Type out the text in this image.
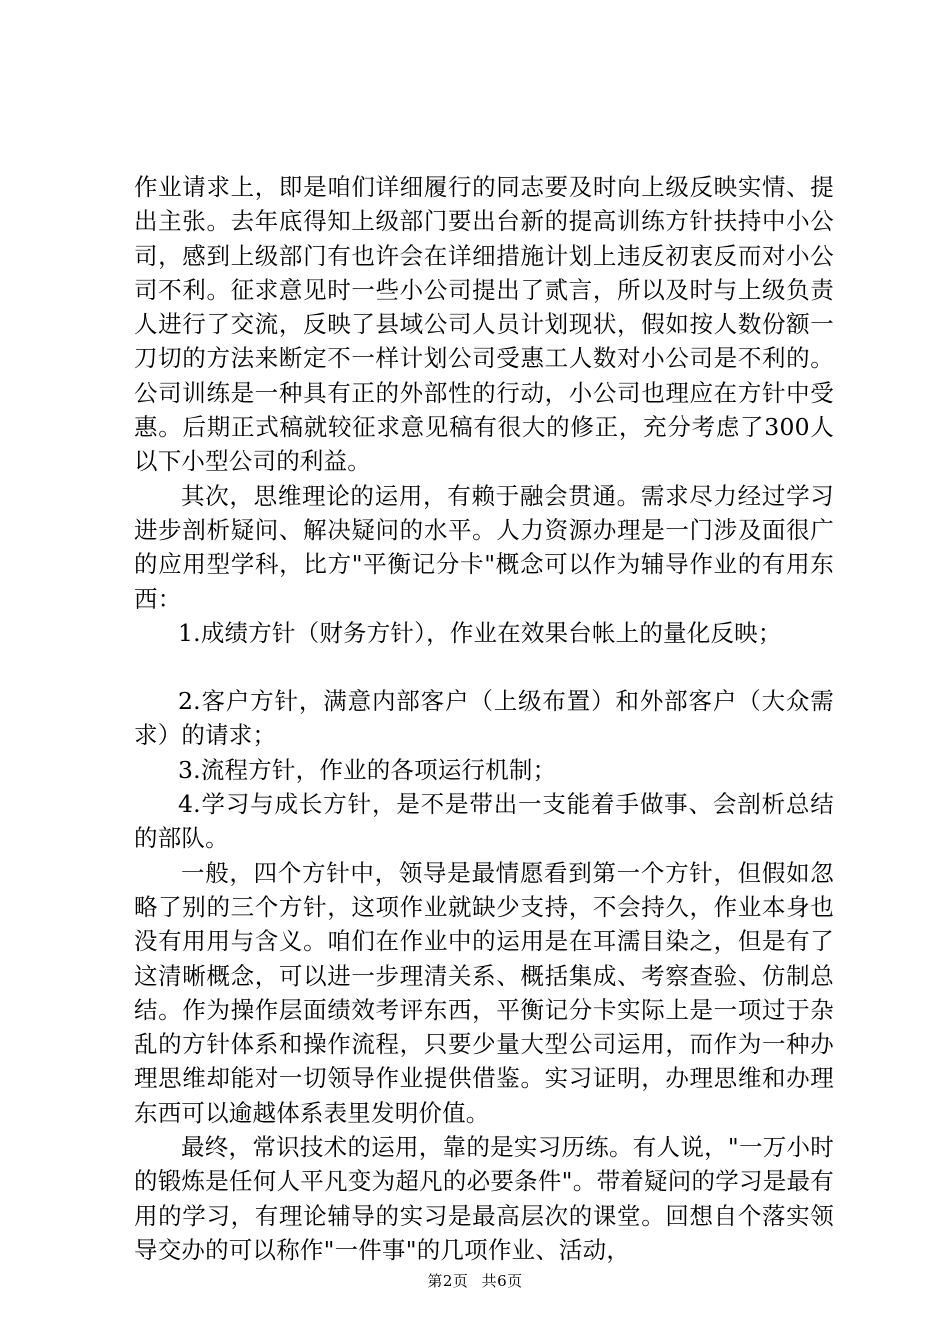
作业请求上，即是咱们详细履行的同志要及时向上级反映实情、提出主张。去年底得知上级部门要出台新的提高训练方针扶持中小公司，感到上级部门有也许会在详细措施计划上违反初衷反而对小公司不利。征求意见时一些小公司提出了贰言，所以及时与上级负责人进行了交流，反映了县域公司人员计划现状，假如按人数份额一刀切的方法来断定不一样计划公司受惠工人数对小公司是不利的。公司训练是一种具有正的外部性的行动，小公司也理应在方针中受惠。后期正式稿就较征求意见稿有很大的修正，充分考虑了300人以下小型公司的利益。

其次，思维理论的运用，有赖于融会贯通。需求尽力经过学习进步剖析疑问、解决疑问的水平。人力资源办理是一门涉及面很广的应用型学科，比方"平衡记分卡"概念可以作为辅导作业的有用东西：

1.成绩方针（财务方针），作业在效果台帐上的量化反映；

2.客户方针，满意内部客户（上级布置）和外部客户（大众需求）的请求；

3.流程方针，作业的各项运行机制；

4.学习与成长方针，是不是带出一支能着手做事、会剖析总结的部队。

一般，四个方针中，领导是最情愿看到第一个方针，但假如忽略了别的三个方针，这项作业就缺少支持，不会持久，作业本身也没有用用与含义。咱们在作业中的运用是在耳濡目染之，但是有了这清晰概念，可以进一步理清关系、概括集成、考察查验、仿制总结。作为操作层面绩效考评东西，平衡记分卡实际上是一项过于杂乱的方针体系和操作流程，只要少量大型公司运用，而作为一种办理思维却能对一切领导作业提供借鉴。实习证明，办理思维和办理东西可以逾越体系表里发明价值。

最终，常识技术的运用，靠的是实习历练。有人说，"一万小时的锻炼是任何人平凡变为超凡的必要条件"。带着疑问的学习是最有用的学习，有理论辅导的实习是最高层次的课堂。回想自个落实领导交办的可以称作"一件事"的几项作业、活动，

第2页 共6页
